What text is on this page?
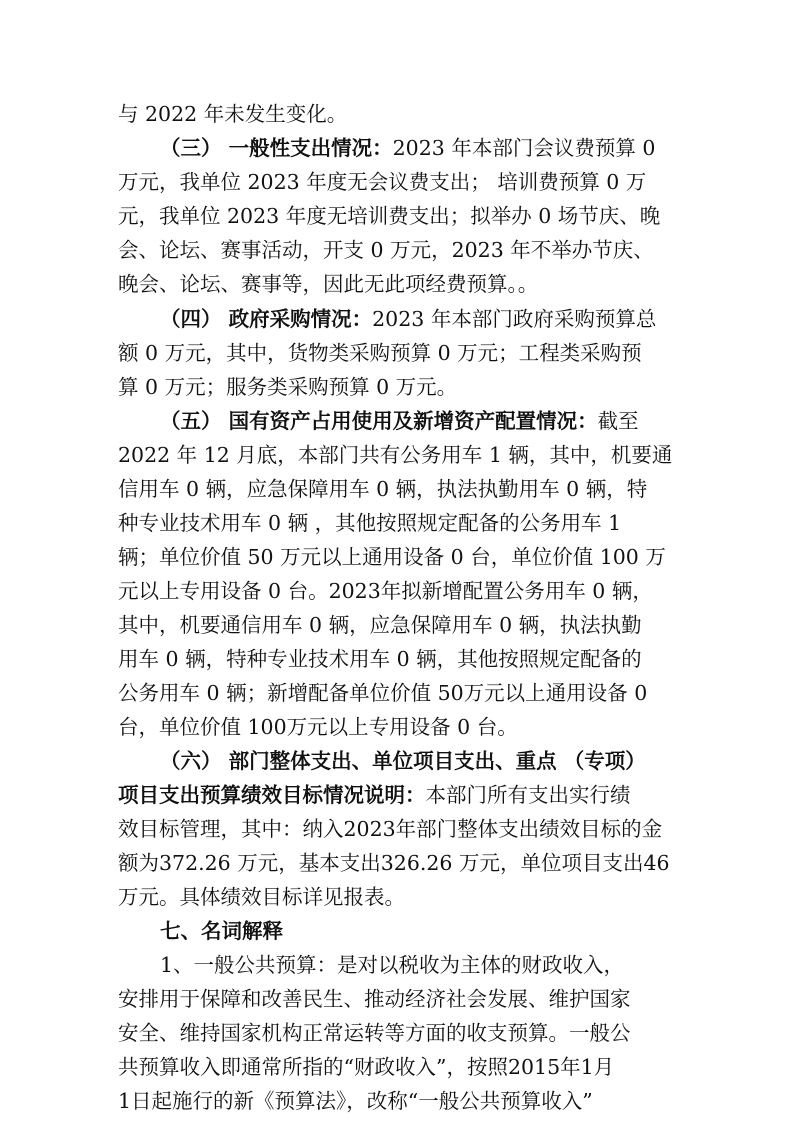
与 2022 年未发生变化。
（三） 一般性支出情况：2023 年本部门会议费预算 0
万元，我单位 2023 年度无会议费支出； 培训费预算 0 万
元，我单位 2023 年度无培训费支出；拟举办 0 场节庆、晚
会、论坛、赛事活动，开支 0 万元，2023 年不举办节庆、
晚会、论坛、赛事等，因此无此项经费预算。。
（四） 政府采购情况：2023 年本部门政府采购预算总
额 0 万元，其中，货物类采购预算 0 万元；工程类采购预
算 0 万元；服务类采购预算 0 万元。
（五） 国有资产占用使用及新增资产配置情况：截至
2022 年 12 月底，本部门共有公务用车 1 辆，其中，机要通
信用车 0 辆，应急保障用车 0 辆，执法执勤用车 0 辆，特
种专业技术用车 0 辆 ，其他按照规定配备的公务用车 1
辆；单位价值 50 万元以上通用设备 0 台，单位价值 100 万
元以上专用设备 0 台。2023年拟新增配置公务用车 0 辆，
其中，机要通信用车 0 辆，应急保障用车 0 辆，执法执勤
用车 0 辆，特种专业技术用车 0 辆，其他按照规定配备的
公务用车 0 辆；新增配备单位价值 50万元以上通用设备 0
台，单位价值 100万元以上专用设备 0 台。
（六） 部门整体支出、单位项目支出、重点 （专项）
项目支出预算绩效目标情况说明：本部门所有支出实行绩
效目标管理，其中：纳入2023年部门整体支出绩效目标的金
额为372.26 万元，基本支出326.26 万元，单位项目支出46
万元。具体绩效目标详见报表。
七、名词解释
1、一般公共预算：是对以税收为主体的财政收入，
安排用于保障和改善民生、推动经济社会发展、维护国家
安全、维持国家机构正常运转等方面的收支预算。一般公
共预算收入即通常所指的“财政收入”，按照2015年1月
1日起施行的新《预算法》，改称“一般公共预算收入”
